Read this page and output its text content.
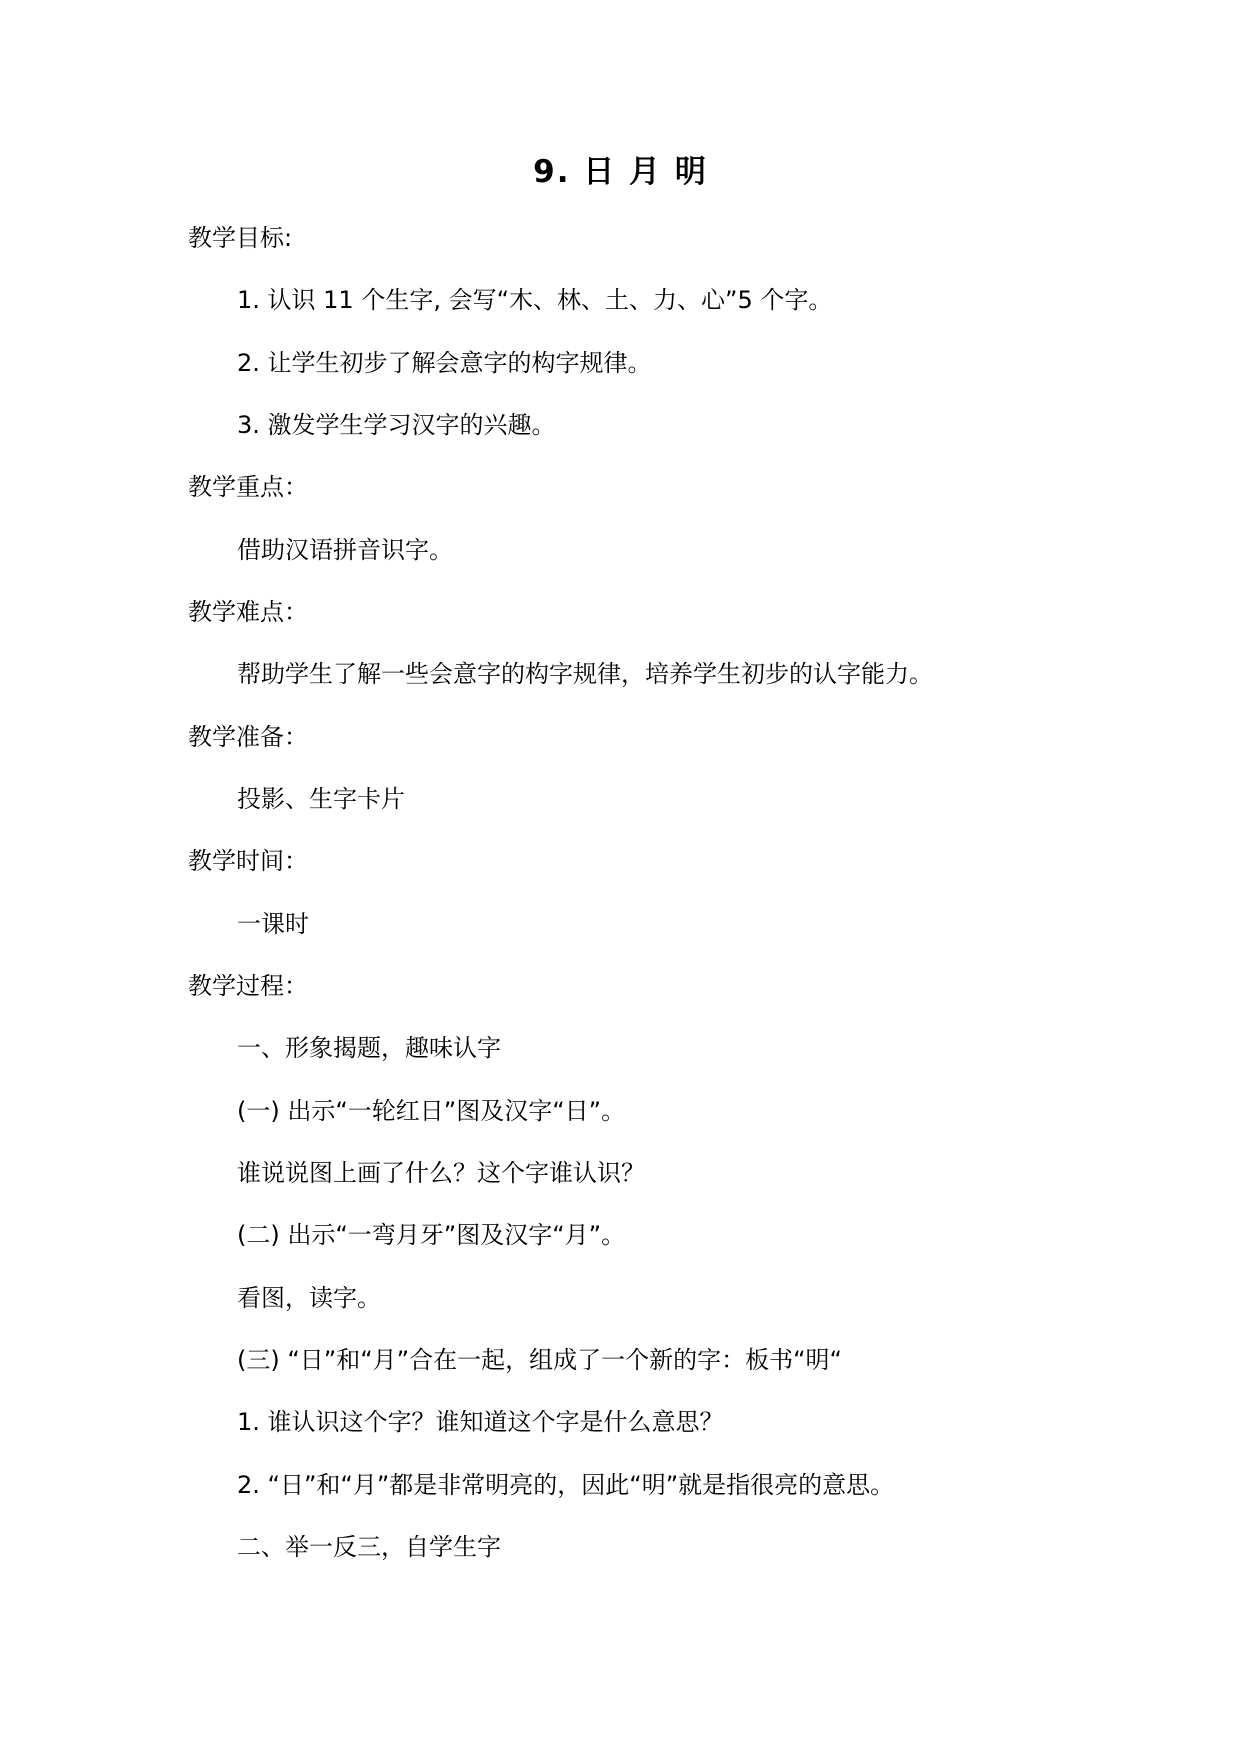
9. 日 月 明
教学目标:
1. 认识 11 个生字, 会写“木、林、土、力、心”5 个字。
2. 让学生初步了解会意字的构字规律。
3. 激发学生学习汉字的兴趣。
教学重点：
借助汉语拼音识字。
教学难点：
帮助学生了解一些会意字的构字规律，培养学生初步的认字能力。
教学准备：
投影、生字卡片
教学时间：
一课时
教学过程：
一、形象揭题，趣味认字
(一) 出示“一轮红日”图及汉字“日”。
谁说说图上画了什么？这个字谁认识？
(二) 出示“一弯月牙”图及汉字“月”。
看图，读字。
(三) “日”和“月”合在一起，组成了一个新的字：板书“明“
1. 谁认识这个字？谁知道这个字是什么意思？
2. “日”和“月”都是非常明亮的，因此“明”就是指很亮的意思。
二、举一反三，自学生字
